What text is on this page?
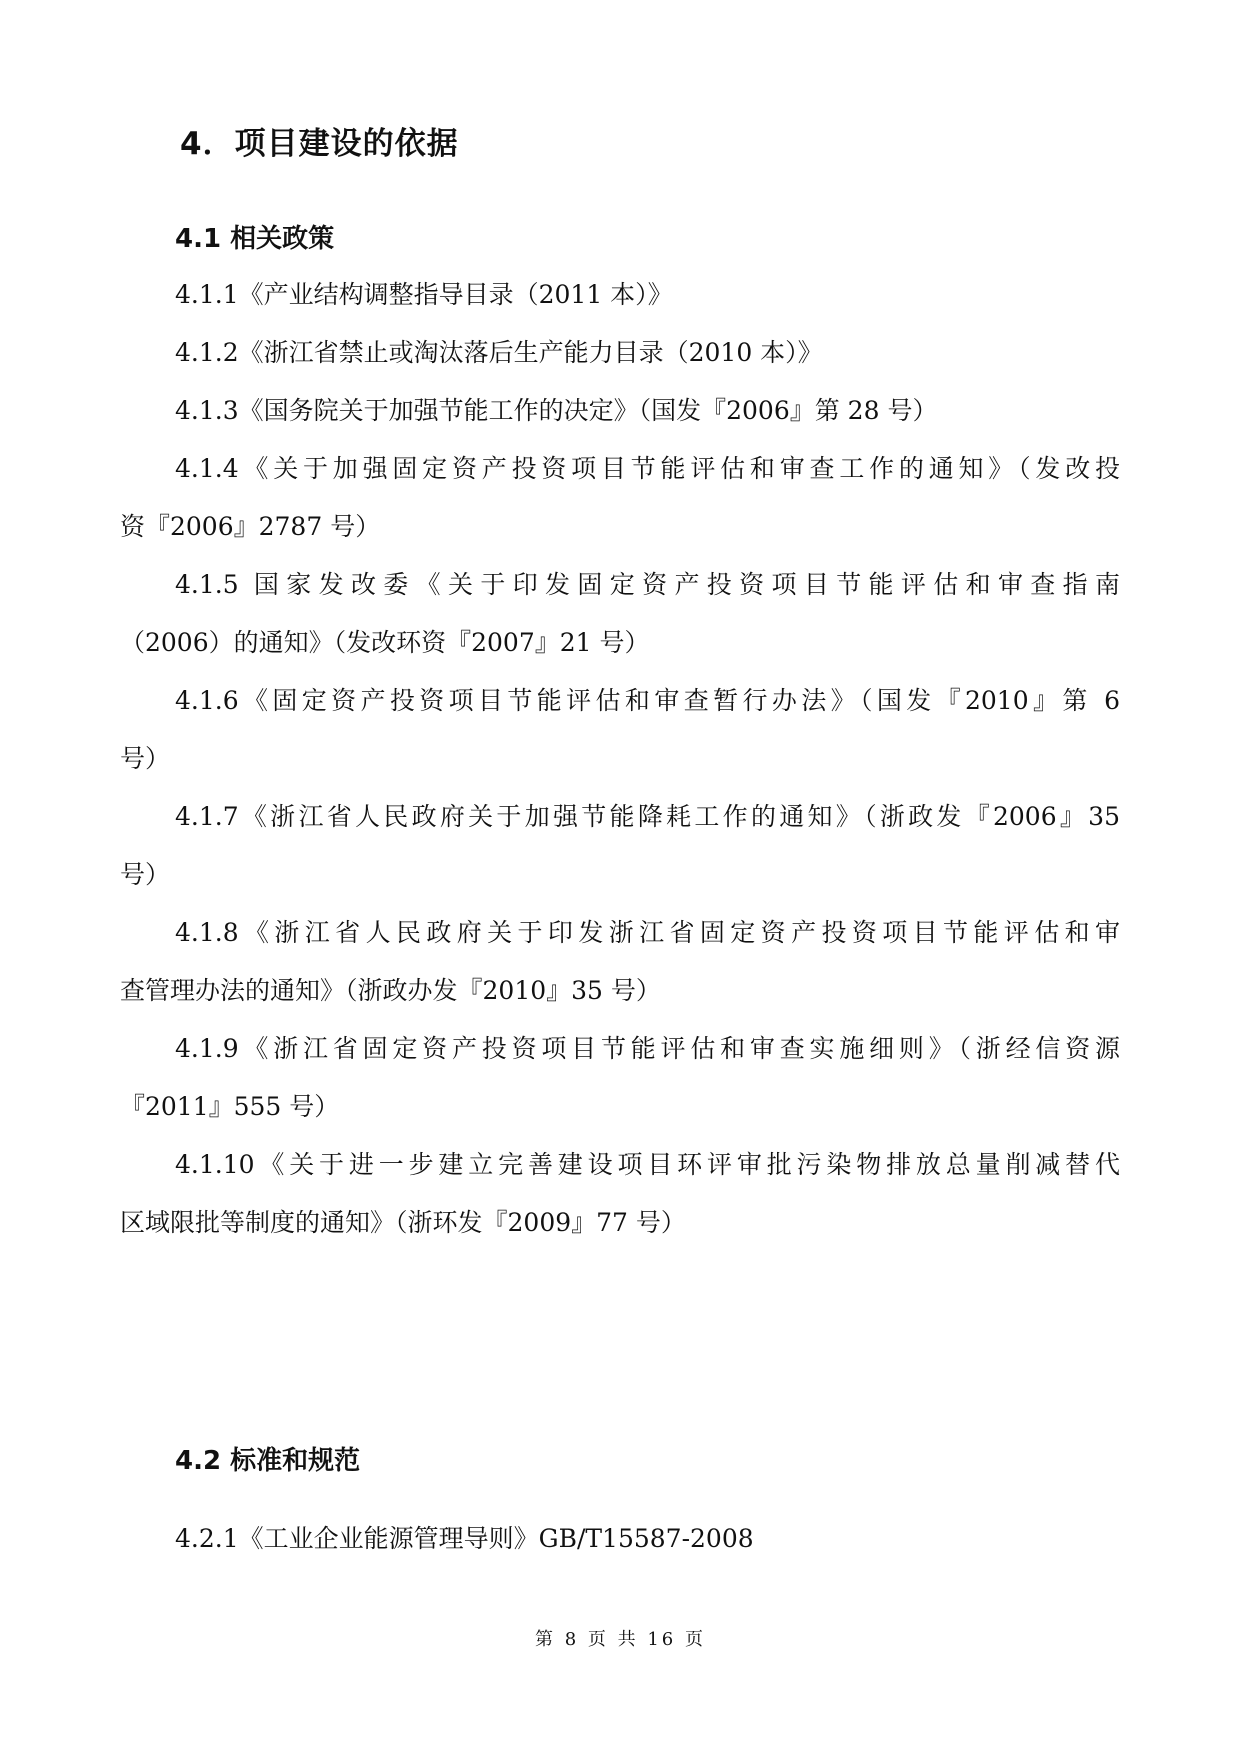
4．项目建设的依据
4.1 相关政策
4.1.1《产业结构调整指导目录（2011 本）》
4.1.2《浙江省禁止或淘汰落后生产能力目录（2010 本）》
4.1.3《国务院关于加强节能工作的决定》（国发『2006』第 28 号）
4.1.4《关于加强固定资产投资项目节能评估和审查工作的通知》（发改投
资『2006』2787 号）
4.1.5 国家发改委《关于印发固定资产投资项目节能评估和审查指南
（2006）的通知》（发改环资『2007』21 号）
4.1.6《固定资产投资项目节能评估和审查暂行办法》（国发『2010』第 6
号）
4.1.7《浙江省人民政府关于加强节能降耗工作的通知》（浙政发『2006』35
号）
4.1.8《浙江省人民政府关于印发浙江省固定资产投资项目节能评估和审
查管理办法的通知》（浙政办发『2010』35 号）
4.1.9《浙江省固定资产投资项目节能评估和审查实施细则》（浙经信资源
『2011』555 号）
4.1.10《关于进一步建立完善建设项目环评审批污染物排放总量削减替代
区域限批等制度的通知》（浙环发『2009』77 号）
4.2 标准和规范
4.2.1《工业企业能源管理导则》GB/T15587-2008
第 8 页 共 16 页
